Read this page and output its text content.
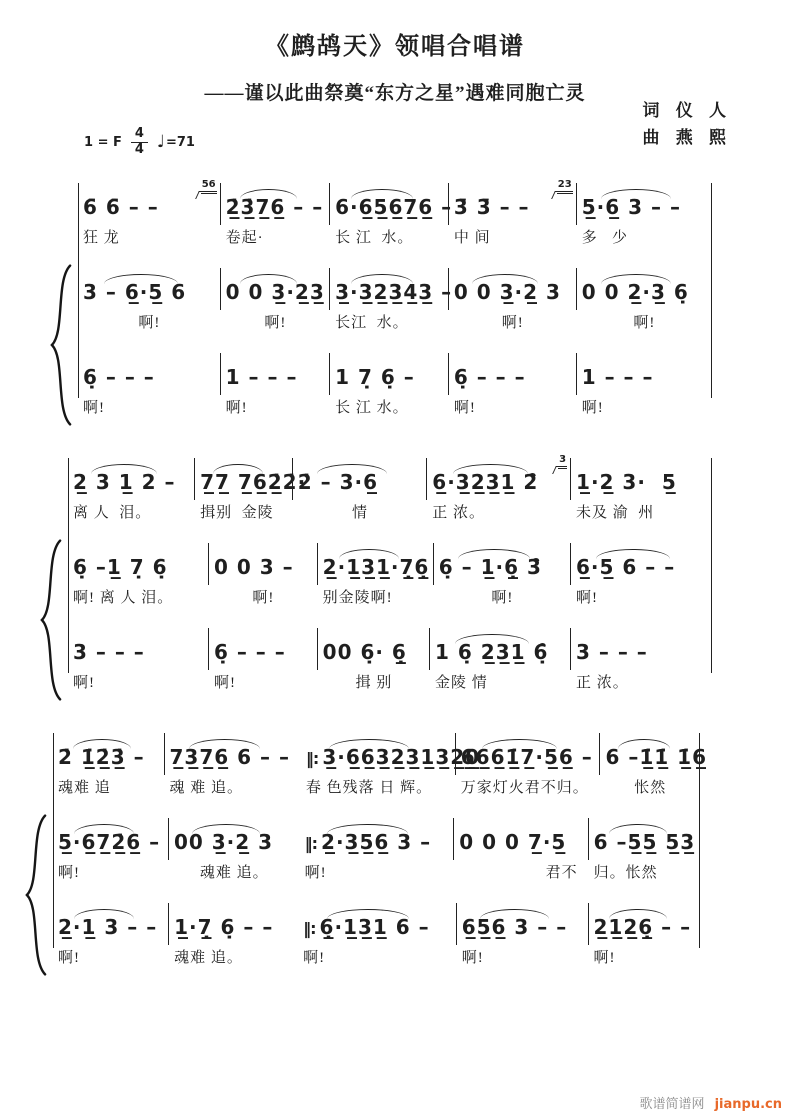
《鹧鸪天》领唱合唱谱
——谨以此曲祭奠“东方之星”遇难同胞亡灵
词 仪 人
曲 燕 熙
1 = F
4
4 ♩ =71
6̄ 6̄ – –
56
狂 龙
2̲̇3̲̇7̲6̲ – –
卷起·
6·6̲5̲6̲7̲6̲ –
长 江  水。
3̄ 3̄ – –
23
中 间
5̲·6̲ 3 – –
多   少
3 – 6̲·5̲ 6
啊!
0 0 3̲·2̲3̲
啊!
3̲·3̲2̲3̲4̲3̲ –
长江  水。
0 0 3̲·2̲ 3
啊!
0 0 2̲·3̲ 6̣
啊!
6̣ – – –
啊!
1 – – –
啊!
1 7̣ 6̣ –
长 江 水。
6̣ – – –
啊!
1 – – –
啊!
2̲ 3 1̲ 2 –
离 人  泪。
7̲7̲ 7̲6̲2̲̇2̇·
揖别  金陵
2̇ – 3·6̲
情
6̲·3̲2̲3̲1̲ 2̑
3
正 浓。
1̲·2̲ 3·  5̲
未及 渝  州
6̣ –1̲ 7̣ 6̣
啊! 离 人 泪。
0 0 3 –
啊!
2̲·1̲3̲1̲·7̣̲6̣̲
别金陵啊!
6̣ – 1̲·6̣̲ 3̑
啊!
6̲·5̲ 6 – –
啊!
3 – – –
啊!
6̣ – – –
啊!
00 6̣· 6̣̲
揖 别
1 6̣ 2̲3̲1̲ 6̣̑
金陵 情
3 – – –
正 浓。
2̇ 1̲̇2̲̇3̲̇ –
魂难 追
7̲3̲7̲6̲ 6 – –
魂 难 追。
‖: 3̲·6̲6̲3̲2̲3̲1̲3̲2̲0̲
春 色残落 日 辉。
6̲6̲6̲1̲̇7̲·5̲6̲ –
万家灯火君不归。
6 –1̲̇1̲̇ 1̲̇6̲
怅然
5̲·6̲7̲2̲̇6̲ –
啊!
00 3̲·2̲ 3
魂难 追。
‖: 2̲·3̲5̲6̲ 3 –
啊!
0 0 0 7̲·5̲
君不
6 –5̲5̲ 5̲3̲
归。怅然
2̲·1̲ 3 – –
啊!
1̲·7̣̲ 6̣ – –
魂难 追。
‖: 6̣̲·1̲3̲1̲ 6 –
啊!
6̲5̲6̲ 3 – –
啊!
2̲1̲2̲6̣̲ – –
啊!
歌谱简谱网 jianpu.cn
